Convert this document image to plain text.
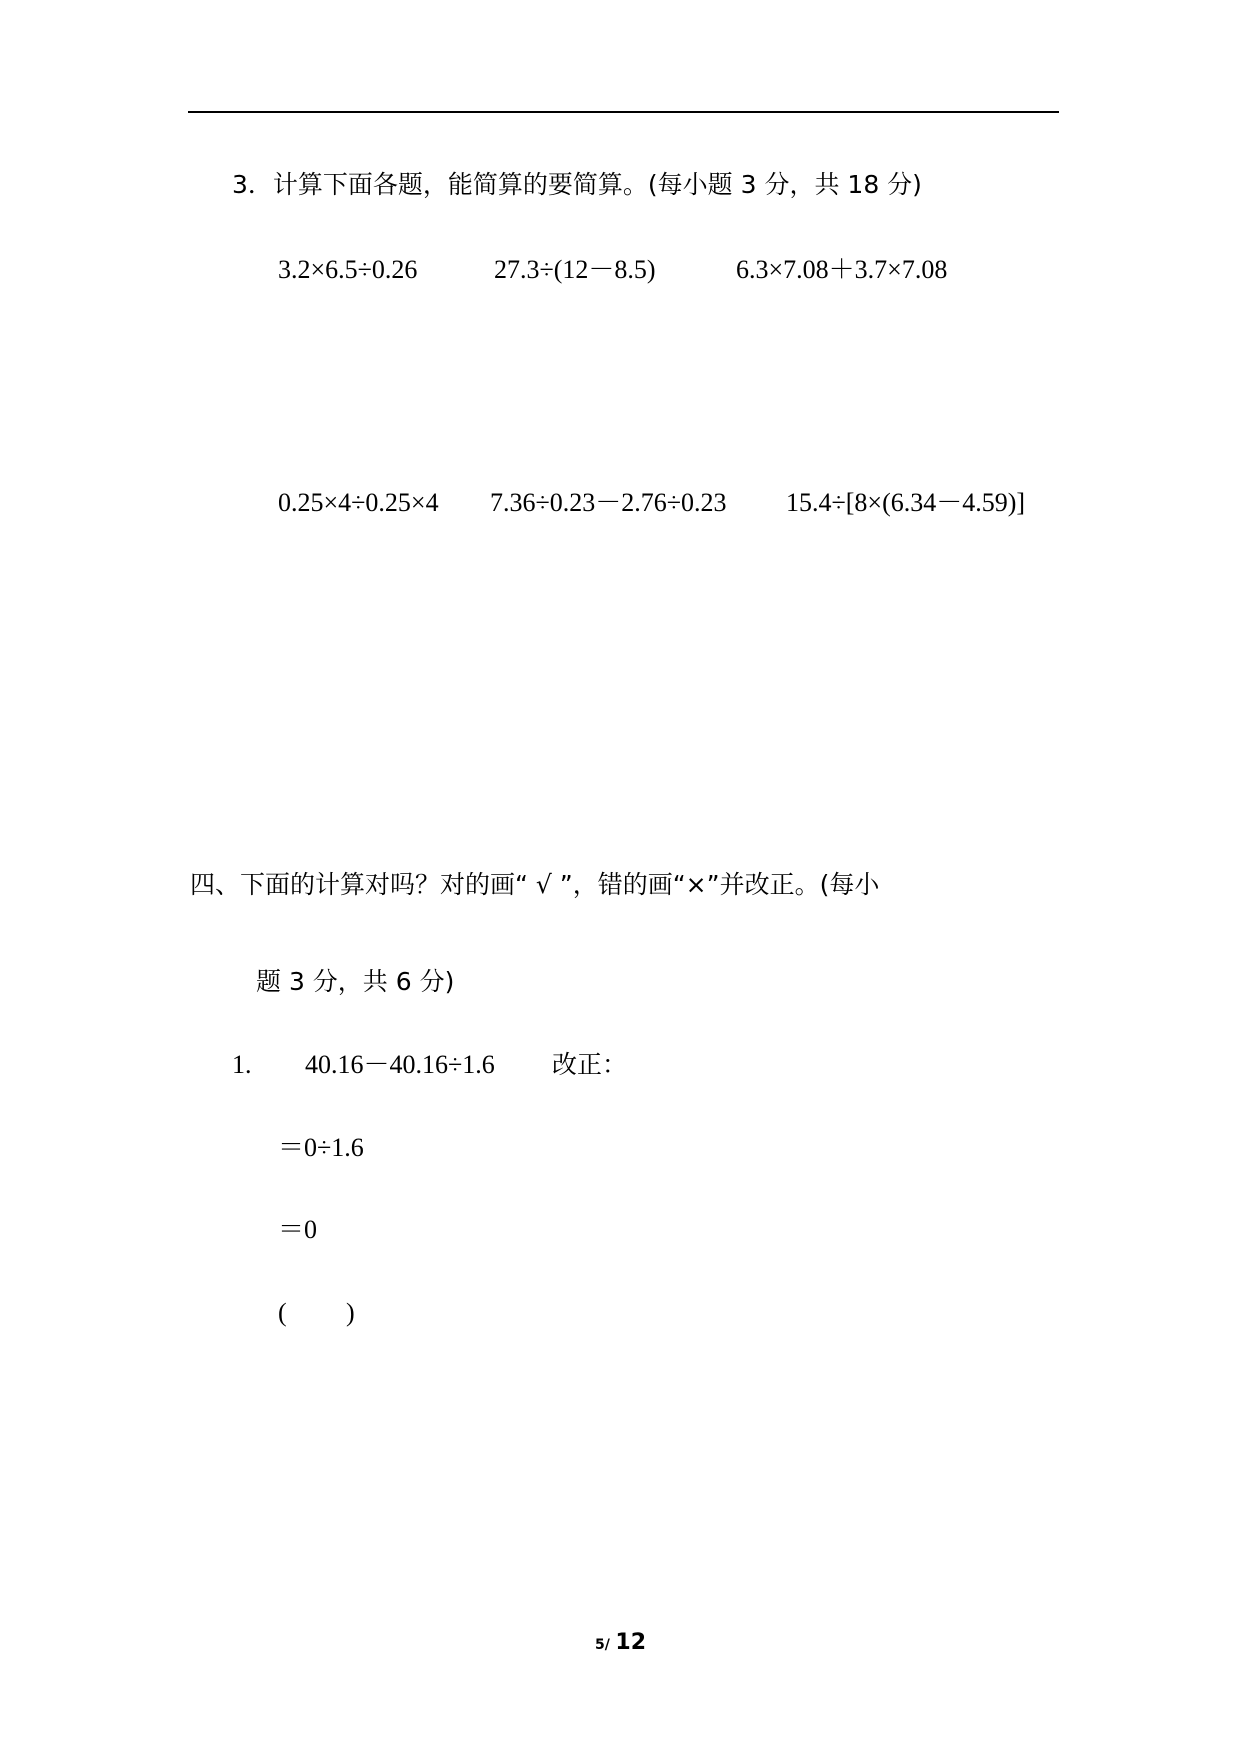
3．计算下面各题，能简算的要简算。(每小题 3 分，共 18 分)
3.2×6.5÷0.26	27.3÷(12－8.5)	6.3×7.08＋3.7×7.08
0.25×4÷0.25×4 7.36÷0.23－2.76÷0.23 15.4÷[8×(6.34－4.59)]
四、下面的计算对吗？对的画“ √ ”，错的画“×”并改正。(每小
题 3 分，共 6 分)
1. 40.16－40.16÷1.6 改正：
＝0÷1.6
＝0
( )
5/ 12
